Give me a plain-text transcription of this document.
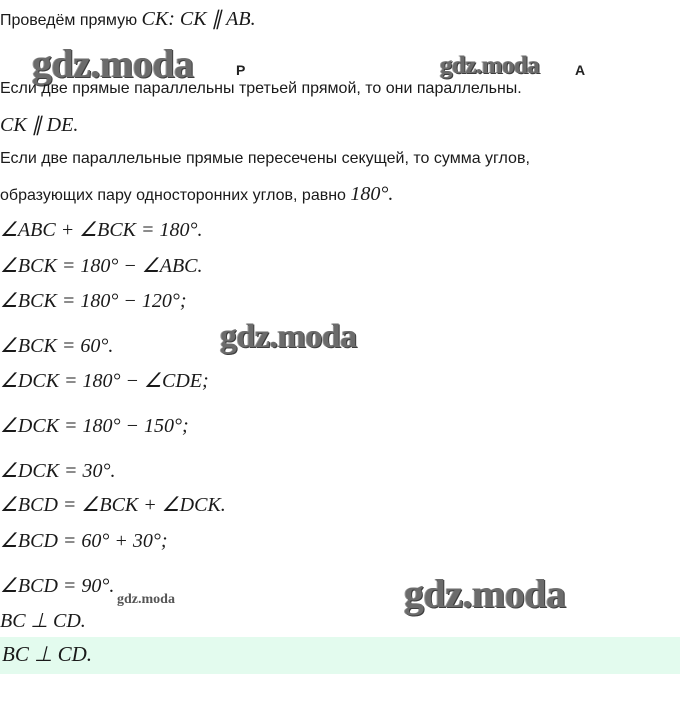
Проведём прямую CK: CK ∥ AB.
gdz.moda	Р	gdz.moda	А
Если две прямые параллельны третьей прямой, то они параллельны.
CK ∥ DE.
Если две параллельные прямые пересечены секущей, то сумма углов,
образующих пару односторонних углов, равно 180°.
∠ABC + ∠BCK = 180°.
∠BCK = 180° − ∠ABC.
∠BCK = 180° − 120°;
∠BCK = 60°.	gdz.moda
∠DCK = 180° − ∠CDE;
∠DCK = 180° − 150°;
∠DCK = 30°.
∠BCD = ∠BCK + ∠DCK.
∠BCD = 60° + 30°;
∠BCD = 90°.
gdz.moda	gdz.moda
BC ⊥ CD.
BC ⊥ CD.
